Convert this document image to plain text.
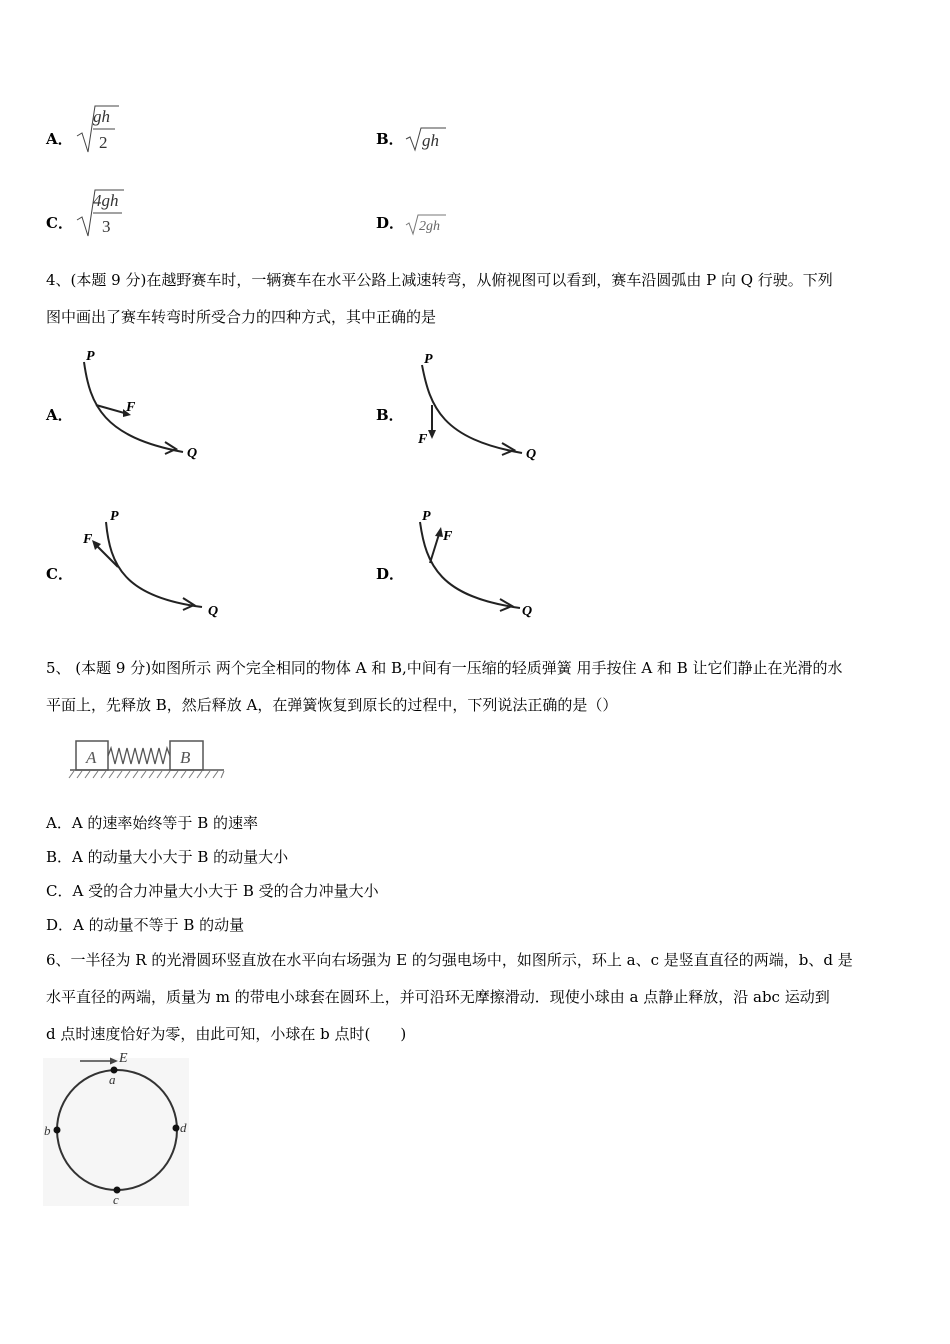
A．
gh
2	B． gh
C．
4gh
3	D． 2gh
4、(本题 9 分)在越野赛车时，一辆赛车在水平公路上减速转弯，从俯视图可以看到，赛车沿圆弧由 P 向 Q 行驶。下列
图中画出了赛车转弯时所受合力的四种方式，其中正确的是
A．
P
F
Q
B．
P
F
Q
C．
P
F
Q
D．
P
F
Q
5、 (本题 9 分)如图所示 两个完全相同的物体 A 和 B,中间有一压缩的轻质弹簧 用手按住 A 和 B 让它们静止在光滑的水
平面上，先释放 B，然后释放 A，在弹簧恢复到原长的过程中，下列说法正确的是（）
A	B
A．A 的速率始终等于 B 的速率
B．A 的动量大小大于 B 的动量大小
C．A 受的合力冲量大小大于 B 受的合力冲量大小
D．A 的动量不等于 B 的动量
6、一半径为 R 的光滑圆环竖直放在水平向右场强为 E 的匀强电场中，如图所示，环上 a、c 是竖直直径的两端，b、d 是
水平直径的两端，质量为 m 的带电小球套在圆环上，并可沿环无摩擦滑动．现使小球由 a 点静止释放，沿 abc 运动到
d 点时速度恰好为零，由此可知，小球在 b 点时(　　)
E
a
b
c
d
